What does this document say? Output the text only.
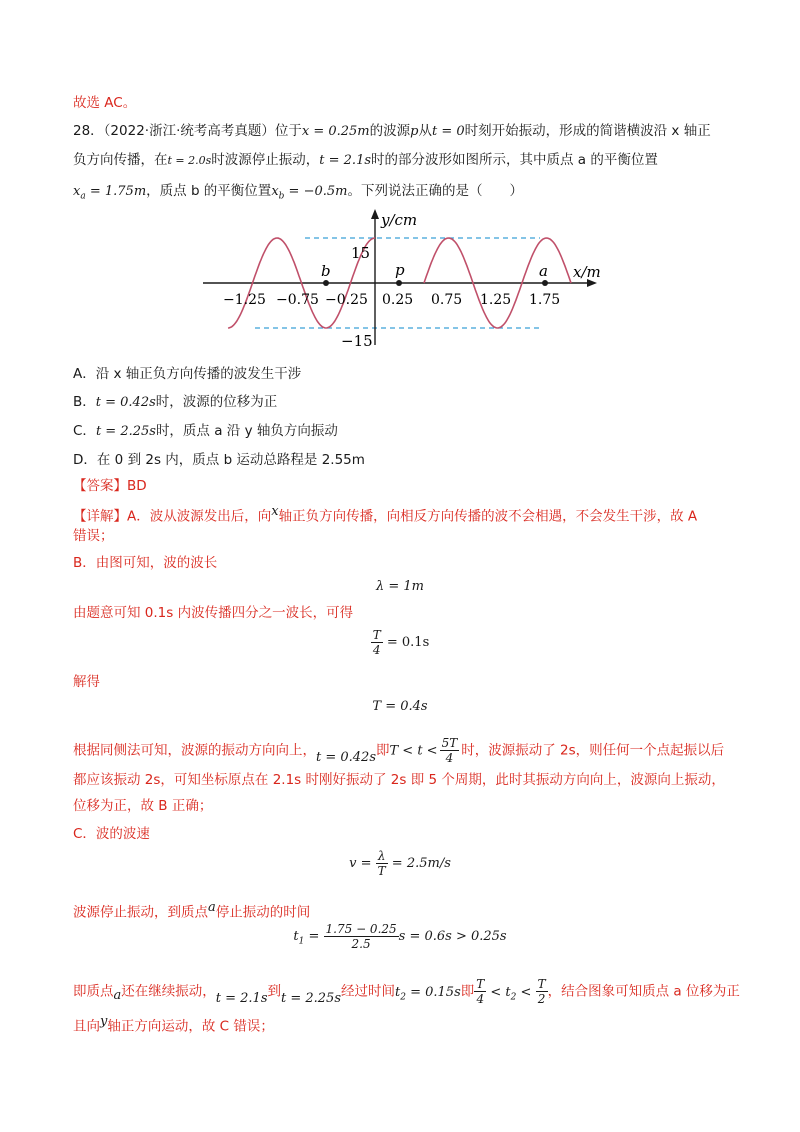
故选 AC。
28．（2022·浙江·统考高考真题）位于x = 0.25m的波源p从t = 0时刻开始振动，形成的简谐横波沿 x 轴正
负方向传播，在t = 2.0s时波源停止振动，t = 2.1s时的部分波形如图所示，其中质点 a 的平衡位置
$x_a = 1.75m$，质点 b 的平衡位置$x_b = -0.5m$。下列说法正确的是（　　）
y/cm
x/m
15
−15
b	p	a
−1.25 −0.75 −0.25 0.25 0.75 1.25 1.75
A．沿 x 轴正负方向传播的波发生干涉
B．t = 0.42s时，波源的位移为正
C．t = 2.25s时，质点 a 沿 y 轴负方向振动
D．在 0 到 2s 内，质点 b 运动总路程是 2.55m
【答案】BD
【详解】A．波从波源发出后，向$^x$轴正负方向传播，向相反方向传播的波不会相遇，不会发生干涉，故 A
错误；
B．由图可知，波的波长
λ = 1m
由题意可知 0.1s 内波传播四分之一波长，可得
$\frac{T}{4} = 0.1s$
解得
T = 0.4s
根据同侧法可知，波源的振动方向向上，t = 0.42s即$T < t < \frac{5T}{4}$ 时，波源振动了 2s，则任何一个点起振以后
都应该振动 2s，可知坐标原点在 2.1s 时刚好振动了 2s 即 5 个周期，此时其振动方向向上，波源向上振动，
位移为正，故 B 正确；
C．波的波速
$v = \frac{\lambda}{T} = 2.5m/s$
波源停止振动，到质点$^a$停止振动的时间
$t_1 = \frac{1.75 - 0.25}{2.5}$ s = 0.6s > 0.25s
即质点$_a$还在继续振动，t = 2.1s到t = 2.25s经过时间$t_2 = 0.15s$即 $\frac{T}{4} < t_2 < \frac{T}{2}$ ，结合图象可知质点 a 位移为正
且向$^y$轴正方向运动，故 C 错误；
